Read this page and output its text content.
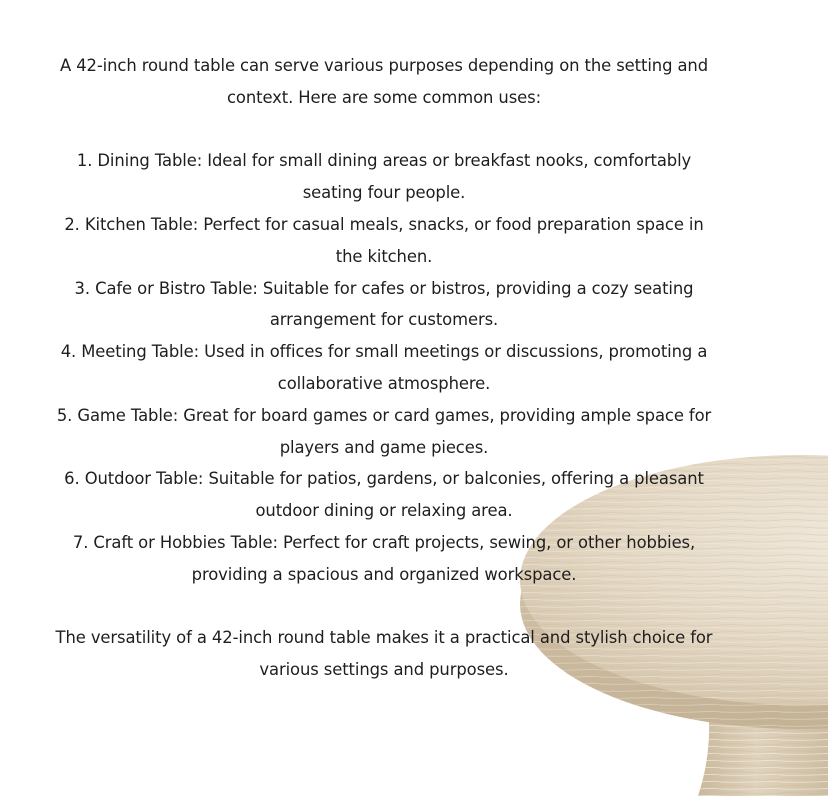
A 42-inch round table can serve various purposes depending on the setting and context. Here are some common uses:

1. Dining Table: Ideal for small dining areas or breakfast nooks, comfortably seating four people.
2. Kitchen Table: Perfect for casual meals, snacks, or food preparation space in the kitchen.
3. Cafe or Bistro Table: Suitable for cafes or bistros, providing a cozy seating arrangement for customers.
4. Meeting Table: Used in offices for small meetings or discussions, promoting a collaborative atmosphere.
5. Game Table: Great for board games or card games, providing ample space for players and game pieces.
6. Outdoor Table: Suitable for patios, gardens, or balconies, offering a pleasant outdoor dining or relaxing area.
7. Craft or Hobbies Table: Perfect for craft projects, sewing, or other hobbies, providing a spacious and organized workspace.

The versatility of a 42-inch round table makes it a practical and stylish choice for various settings and purposes.
